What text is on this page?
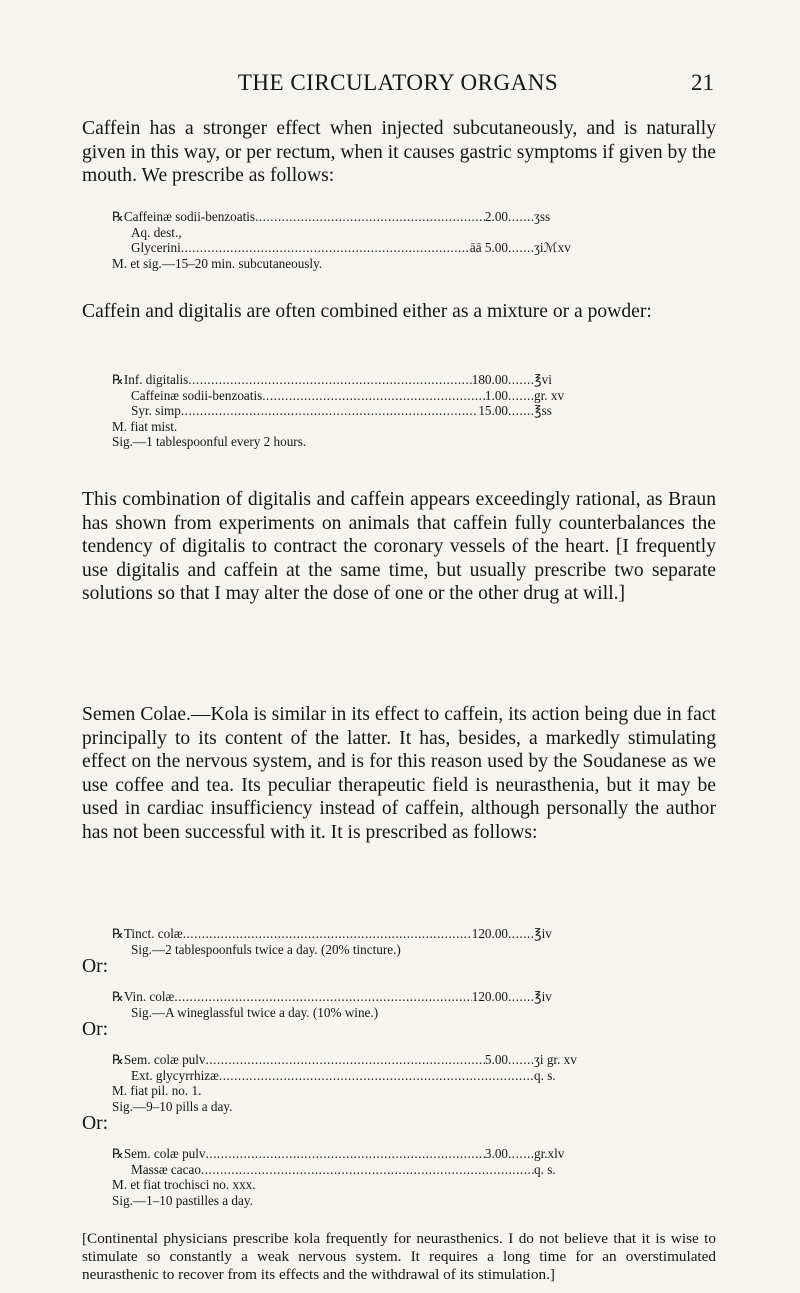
THE CIRCULATORY ORGANS	21

Caffein has a stronger effect when injected subcutaneously, and is naturally given in this way, or per rectum, when it causes gastric symptoms if given by the mouth. We prescribe as follows:

℞ Caffeinæ sodii-benzoatis .....	2.00 ..... ʒss
Aq. dest.,
Glycerini .....	āā 5.00 ..... ʒiℳxv
M. et sig.—15–20 min. subcutaneously.

Caffein and digitalis are often combined either as a mixture or a powder:

℞ Inf. digitalis .....	180.00 ..... ℥vi
Caffeinæ sodii-benzoatis .....	1.00 ..... gr. xv
Syr. simp .....	15.00 ..... ℥ss
M. fiat mist.
Sig.—1 tablespoonful every 2 hours.

This combination of digitalis and caffein appears exceedingly rational, as Braun has shown from experiments on animals that caffein fully counterbalances the tendency of digitalis to contract the coronary vessels of the heart. [I frequently use digitalis and caffein at the same time, but usually prescribe two separate solutions so that I may alter the dose of one or the other drug at will.]

Semen Colae.—Kola is similar in its effect to caffein, its action being due in fact principally to its content of the latter. It has, besides, a markedly stimulating effect on the nervous system, and is for this reason used by the Soudanese as we use coffee and tea. Its peculiar therapeutic field is neurasthenia, but it may be used in cardiac insufficiency instead of caffein, although personally the author has not been successful with it. It is prescribed as follows:

℞ Tinct. colæ .....	120.00 ..... ℥iv
Sig.—2 tablespoonfuls twice a day. (20% tincture.)
Or:
℞ Vin. colæ .....	120.00 ..... ℥iv
Sig.—A wineglassful twice a day. (10% wine.)
Or:
℞ Sem. colæ pulv .....	5.00 ..... ʒi gr. xv
Ext. glycyrrhizæ .....	q. s.
M. fiat pil. no. 1.
Sig.—9–10 pills a day.
Or:
℞ Sem. colæ pulv .....	3.00 ..... gr.xlv
Massæ cacao .....	q. s.
M. et fiat trochisci no. xxx.
Sig.—1–10 pastilles a day.

[Continental physicians prescribe kola frequently for neurasthenics. I do not believe that it is wise to stimulate so constantly a weak nervous system. It requires a long time for an overstimulated neurasthenic to recover from its effects and the withdrawal of its stimulation.]
